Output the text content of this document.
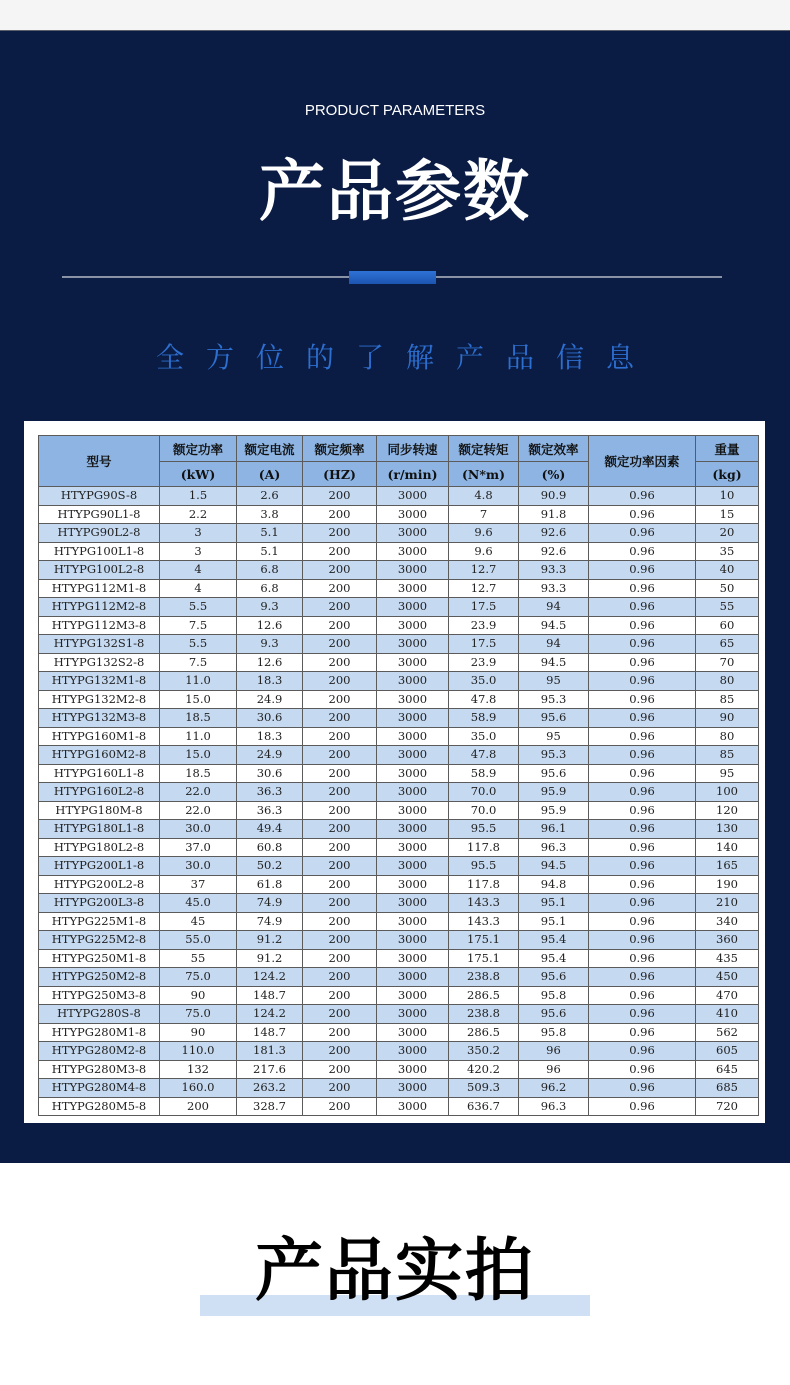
PRODUCT PARAMETERS
产品参数
全方位的了解产品信息
型号	额定功率	额定电流	额定频率	同步转速	额定转矩	额定效率	额定功率因素	重量
	(kW)	(A)	(HZ)	(r/min)	(N*m)	(%)		(kg)
HTYPG90S-8	1.5	2.6	200	3000	4.8	90.9	0.96	10
HTYPG90L1-8	2.2	3.8	200	3000	7	91.8	0.96	15
HTYPG90L2-8	3	5.1	200	3000	9.6	92.6	0.96	20
HTYPG100L1-8	3	5.1	200	3000	9.6	92.6	0.96	35
HTYPG100L2-8	4	6.8	200	3000	12.7	93.3	0.96	40
HTYPG112M1-8	4	6.8	200	3000	12.7	93.3	0.96	50
HTYPG112M2-8	5.5	9.3	200	3000	17.5	94	0.96	55
HTYPG112M3-8	7.5	12.6	200	3000	23.9	94.5	0.96	60
HTYPG132S1-8	5.5	9.3	200	3000	17.5	94	0.96	65
HTYPG132S2-8	7.5	12.6	200	3000	23.9	94.5	0.96	70
HTYPG132M1-8	11.0	18.3	200	3000	35.0	95	0.96	80
HTYPG132M2-8	15.0	24.9	200	3000	47.8	95.3	0.96	85
HTYPG132M3-8	18.5	30.6	200	3000	58.9	95.6	0.96	90
HTYPG160M1-8	11.0	18.3	200	3000	35.0	95	0.96	80
HTYPG160M2-8	15.0	24.9	200	3000	47.8	95.3	0.96	85
HTYPG160L1-8	18.5	30.6	200	3000	58.9	95.6	0.96	95
HTYPG160L2-8	22.0	36.3	200	3000	70.0	95.9	0.96	100
HTYPG180M-8	22.0	36.3	200	3000	70.0	95.9	0.96	120
HTYPG180L1-8	30.0	49.4	200	3000	95.5	96.1	0.96	130
HTYPG180L2-8	37.0	60.8	200	3000	117.8	96.3	0.96	140
HTYPG200L1-8	30.0	50.2	200	3000	95.5	94.5	0.96	165
HTYPG200L2-8	37	61.8	200	3000	117.8	94.8	0.96	190
HTYPG200L3-8	45.0	74.9	200	3000	143.3	95.1	0.96	210
HTYPG225M1-8	45	74.9	200	3000	143.3	95.1	0.96	340
HTYPG225M2-8	55.0	91.2	200	3000	175.1	95.4	0.96	360
HTYPG250M1-8	55	91.2	200	3000	175.1	95.4	0.96	435
HTYPG250M2-8	75.0	124.2	200	3000	238.8	95.6	0.96	450
HTYPG250M3-8	90	148.7	200	3000	286.5	95.8	0.96	470
HTYPG280S-8	75.0	124.2	200	3000	238.8	95.6	0.96	410
HTYPG280M1-8	90	148.7	200	3000	286.5	95.8	0.96	562
HTYPG280M2-8	110.0	181.3	200	3000	350.2	96	0.96	605
HTYPG280M3-8	132	217.6	200	3000	420.2	96	0.96	645
HTYPG280M4-8	160.0	263.2	200	3000	509.3	96.2	0.96	685
HTYPG280M5-8	200	328.7	200	3000	636.7	96.3	0.96	720
产品实拍
